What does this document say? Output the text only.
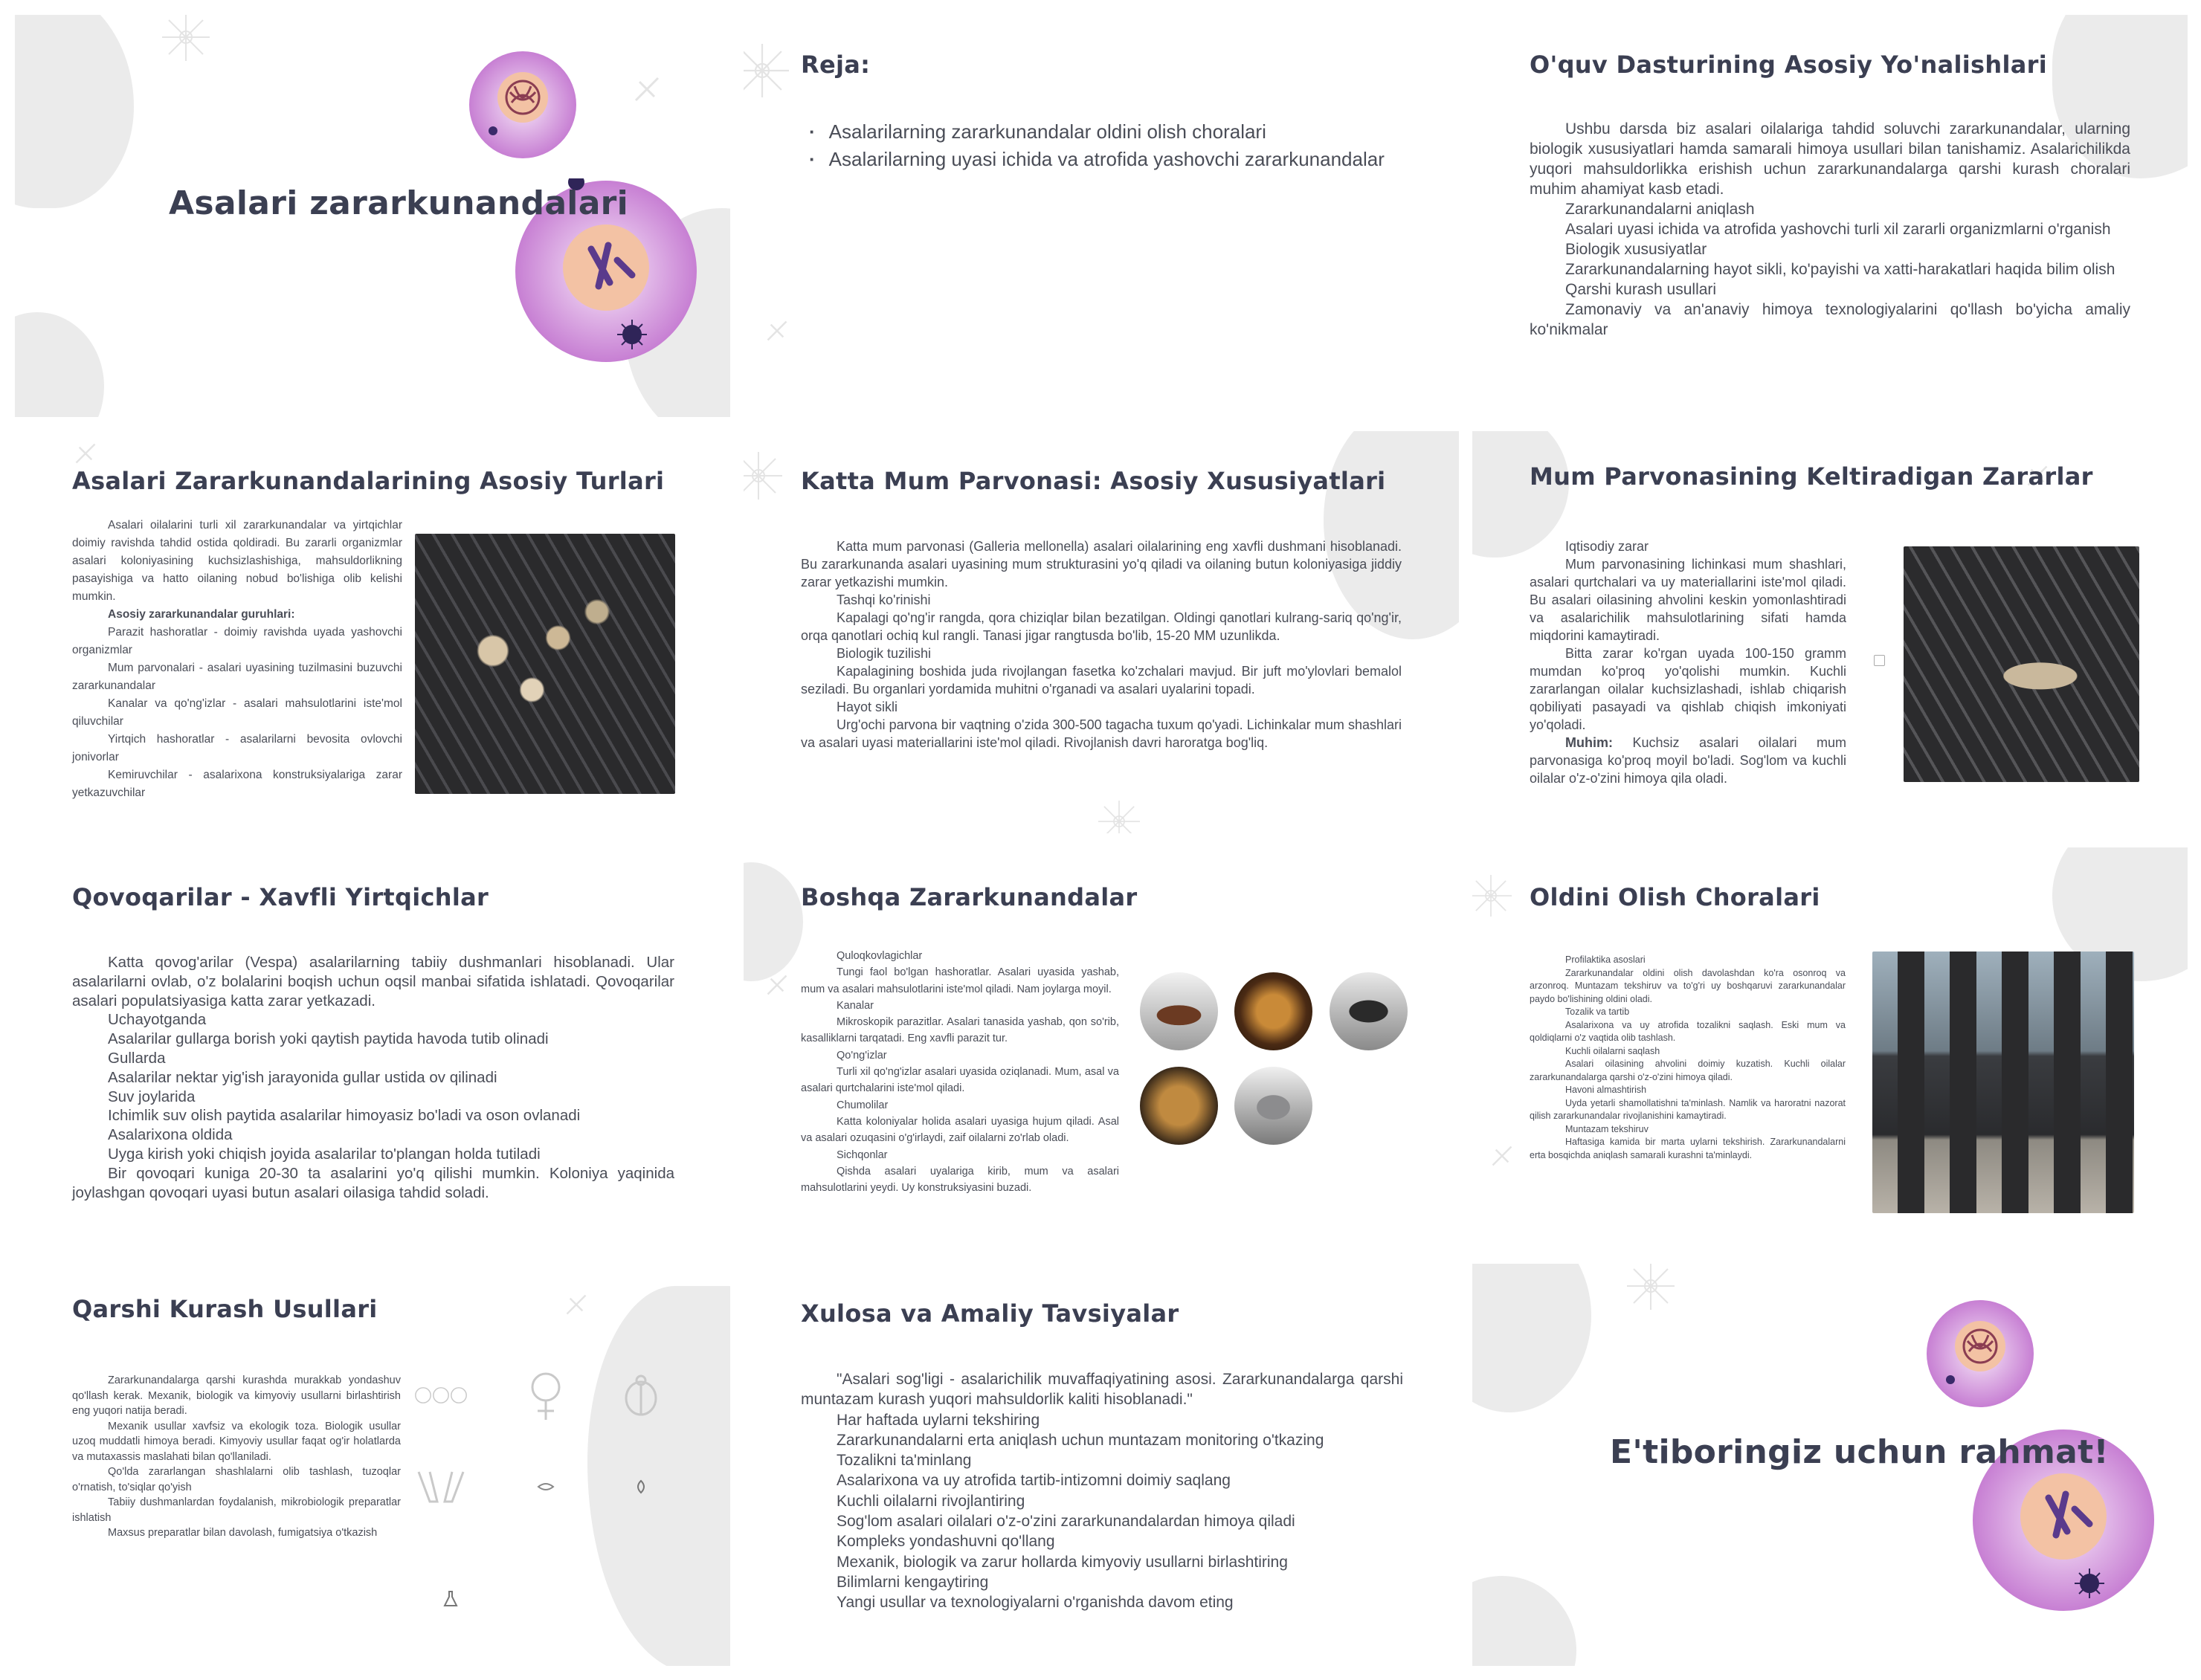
Asalari zararkunandalari
Reja:
· Asalarilarning zararkunandalar oldini olish choralari
· Asalarilarning uyasi ichida va atrofida yashovchi zararkunandalar
O'quv Dasturining Asosiy Yo'nalishlari

Ushbu darsda biz asalari oilalariga tahdid soluvchi zararkunandalar, ularning biologik xususiyatlari hamda samarali himoya usullari bilan tanishamiz. Asalarichilikda yuqori mahsuldorlikka erishish uchun zararkunandalarga qarshi kurash choralari muhim ahamiyat kasb etadi.

Zararkunandalarni aniqlash

Asalari uyasi ichida va atrofida yashovchi turli xil zararli organizmlarni o'rganish

Biologik xususiyatlar

Zararkunandalarning hayot sikli, ko'payishi va xatti-harakatlari haqida bilim olish

Qarshi kurash usullari

Zamonaviy va an'anaviy himoya texnologiyalarini qo'llash bo'yicha amaliy ko'nikmalar

Asalari Zararkunandalarining Asosiy Turlari

Asalari oilalarini turli xil zararkunandalar va yirtqichlar doimiy ravishda tahdid ostida qoldiradi. Bu zararli organizmlar asalari koloniyasining kuchsizlashishiga, mahsuldorlikning pasayishiga va hatto oilaning nobud bo'lishiga olib kelishi mumkin.

Asosiy zararkunandalar guruhlari:

Parazit hashoratlar - doimiy ravishda uyada yashovchi organizmlar

Mum parvonalari - asalari uyasining tuzilmasini buzuvchi zararkunandalar

Kanalar va qo'ng'izlar - asalari mahsulotlarini iste'mol qiluvchilar

Yirtqich hashoratlar - asalarilarni bevosita ovlovchi jonivorlar

Kemiruvchilar - asalarixona konstruksiyalariga zarar yetkazuvchilar

Katta Mum Parvonasi: Asosiy Xususiyatlari

Katta mum parvonasi (Galleria mellonella) asalari oilalarining eng xavfli dushmani hisoblanadi. Bu zararkunanda asalari uyasining mum strukturasini yo'q qiladi va oilaning butun koloniyasiga jiddiy zarar yetkazishi mumkin.

Tashqi ko'rinishi

Kapalagi qo'ng'ir rangda, qora chiziqlar bilan bezatilgan. Oldingi qanotlari kulrang-sariq qo'ng'ir, orqa qanotlari ochiq kul rangli. Tanasi jigar rangtusda bo'lib, 15-20 MM uzunlikda.

Biologik tuzilishi

Kapalagining boshida juda rivojlangan fasetka ko'zchalari mavjud. Bir juft mo'ylovlari bemalol seziladi. Bu organlari yordamida muhitni o'rganadi va asalari uyalarini topadi.

Hayot sikli

Urg'ochi parvona bir vaqtning o'zida 300-500 tagacha tuxum qo'yadi. Lichinkalar mum shashlari va asalari uyasi materiallarini iste'mol qiladi. Rivojlanish davri haroratga bog'liq.

Mum Parvonasining Keltiradigan Zararlar

Iqtisodiy zarar

Mum parvonasining lichinkasi mum shashlari, asalari qurtchalari va uy materiallarini iste'mol qiladi. Bu asalari oilasining ahvolini keskin yomonlashtiradi va asalarichilik mahsulotlarining sifati hamda miqdorini kamaytiradi.

Bitta zarar ko'rgan uyada 100-150 gramm mumdan ko'proq yo'qolishi mumkin. Kuchli zararlangan oilalar kuchsizlashadi, ishlab chiqarish qobiliyati pasayadi va qishlab chiqish imkoniyati yo'qoladi.

Muhim: Kuchsiz asalari oilalari mum parvonasiga ko'proq moyil bo'ladi. Sog'lom va kuchli oilalar o'z-o'zini himoya qila oladi.

Qovoqarilar - Xavfli Yirtqichlar

Katta qovog'arilar (Vespa) asalarilarning tabiiy dushmanlari hisoblanadi. Ular asalarilarni ovlab, o'z bolalarini boqish uchun oqsil manbai sifatida ishlatadi. Qovoqarilar asalari populatsiyasiga katta zarar yetkazadi.

Uchayotganda

Asalarilar gullarga borish yoki qaytish paytida havoda tutib olinadi

Gullarda

Asalarilar nektar yig'ish jarayonida gullar ustida ov qilinadi

Suv joylarida

Ichimlik suv olish paytida asalarilar himoyasiz bo'ladi va oson ovlanadi

Asalarixona oldida

Uyga kirish yoki chiqish joyida asalarilar to'plangan holda tutiladi

Bir qovoqari kuniga 20-30 ta asalarini yo'q qilishi mumkin. Koloniya yaqinida joylashgan qovoqari uyasi butun asalari oilasiga tahdid soladi.

Boshqa Zararkunandalar

Quloqkovlagichlar

Tungi faol bo'lgan hashoratlar. Asalari uyasida yashab, mum va asalari mahsulotlarini iste'mol qiladi. Nam joylarga moyil.

Kanalar

Mikroskopik parazitlar. Asalari tanasida yashab, qon so'rib, kasalliklarni tarqatadi. Eng xavfli parazit tur.

Qo'ng'izlar

Turli xil qo'ng'izlar asalari uyasida oziqlanadi. Mum, asal va asalari qurtchalarini iste'mol qiladi.

Chumolilar

Katta koloniyalar holida asalari uyasiga hujum qiladi. Asal va asalari ozuqasini o'g'irlaydi, zaif oilalarni zo'rlab oladi.

Sichqonlar

Qishda asalari uyalariga kirib, mum va asalari mahsulotlarini yeydi. Uy konstruksiyasini buzadi.

Oldini Olish Choralari

Profilaktika asoslari

Zararkunandalar oldini olish davolashdan ko'ra osonroq va arzonroq. Muntazam tekshiruv va to'g'ri uy boshqaruvi zararkunandalar paydo bo'lishining oldini oladi.

Tozalik va tartib

Asalarixona va uy atrofida tozalikni saqlash. Eski mum va qoldiqlarni o'z vaqtida olib tashlash.

Kuchli oilalarni saqlash

Asalari oilasining ahvolini doimiy kuzatish. Kuchli oilalar zararkunandalarga qarshi o'z-o'zini himoya qiladi.

Havoni almashtirish

Uyda yetarli shamollatishni ta'minlash. Namlik va haroratni nazorat qilish zararkunandalar rivojlanishini kamaytiradi.

Muntazam tekshiruv

Haftasiga kamida bir marta uylarni tekshirish. Zararkunandalarni erta bosqichda aniqlash samarali kurashni ta'minlaydi.

Qarshi Kurash Usullari

Zararkunandalarga qarshi kurashda murakkab yondashuv qo'llash kerak. Mexanik, biologik va kimyoviy usullarni birlashtirish eng yuqori natija beradi.

Mexanik usullar xavfsiz va ekologik toza. Biologik usullar uzoq muddatli himoya beradi. Kimyoviy usullar faqat og'ir holatlarda va mutaxassis maslahati bilan qo'llaniladi.

Qo'lda zararlangan shashlalarni olib tashlash, tuzoqlar o'rnatish, to'siqlar qo'yish

Tabiiy dushmanlardan foydalanish, mikrobiologik preparatlar ishlatish

Maxsus preparatlar bilan davolash, fumigatsiya o'tkazish

Xulosa va Amaliy Tavsiyalar

"Asalari sog'ligi - asalarichilik muvaffaqiyatining asosi. Zararkunandalarga qarshi muntazam kurash yuqori mahsuldorlik kaliti hisoblanadi."

Har haftada uylarni tekshiring

Zararkunandalarni erta aniqlash uchun muntazam monitoring o'tkazing

Tozalikni ta'minlang

Asalarixona va uy atrofida tartib-intizomni doimiy saqlang

Kuchli oilalarni rivojlantiring

Sog'lom asalari oilalari o'z-o'zini zararkunandalardan himoya qiladi

Kompleks yondashuvni qo'llang

Mexanik, biologik va zarur hollarda kimyoviy usullarni birlashtiring

Bilimlarni kengaytiring

Yangi usullar va texnologiyalarni o'rganishda davom eting

E'tiboringiz uchun rahmat!
